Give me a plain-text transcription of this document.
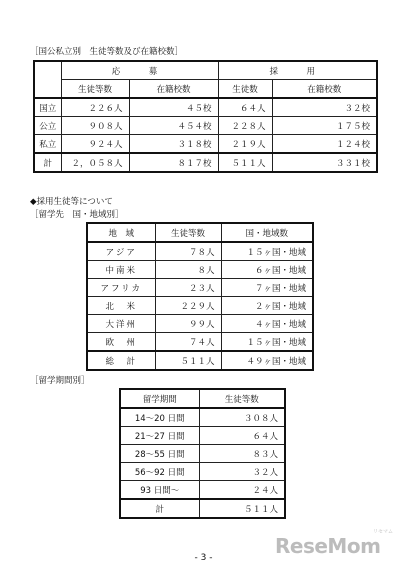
［国公私立別　生徒等数及び在籍校数］
	応　募		採　用	
	生徒等数	在籍校数	生徒数	在籍校数
国立	２２６人	４５校	６４人	３２校
公立	９０８人	４５４校	２２８人	１７５校
私立	９２４人	３１８校	２１９人	１２４校
計	２，０５８人	８１７校	５１１人	３３１校
◆採用生徒等について
［留学先　国・地域別］
地　域	生徒等数	国・地域数
アジア	７８人	１５ヶ国・地域
中南米	８人	６ヶ国・地域
アフリカ	２３人	７ヶ国・地域
北　米	２２９人	２ヶ国・地域
大洋州	９９人	４ヶ国・地域
欧　州	７４人	１５ヶ国・地域
総　計	５１１人	４９ヶ国・地域
［留学期間別］
留学期間	生徒等数
14～20 日間	３０８人
21～27 日間	６４人
28～55 日間	８３人
56～92 日間	３２人
93 日間～	２４人
計	５１１人
- 3 -	ReseMom
リセマム
